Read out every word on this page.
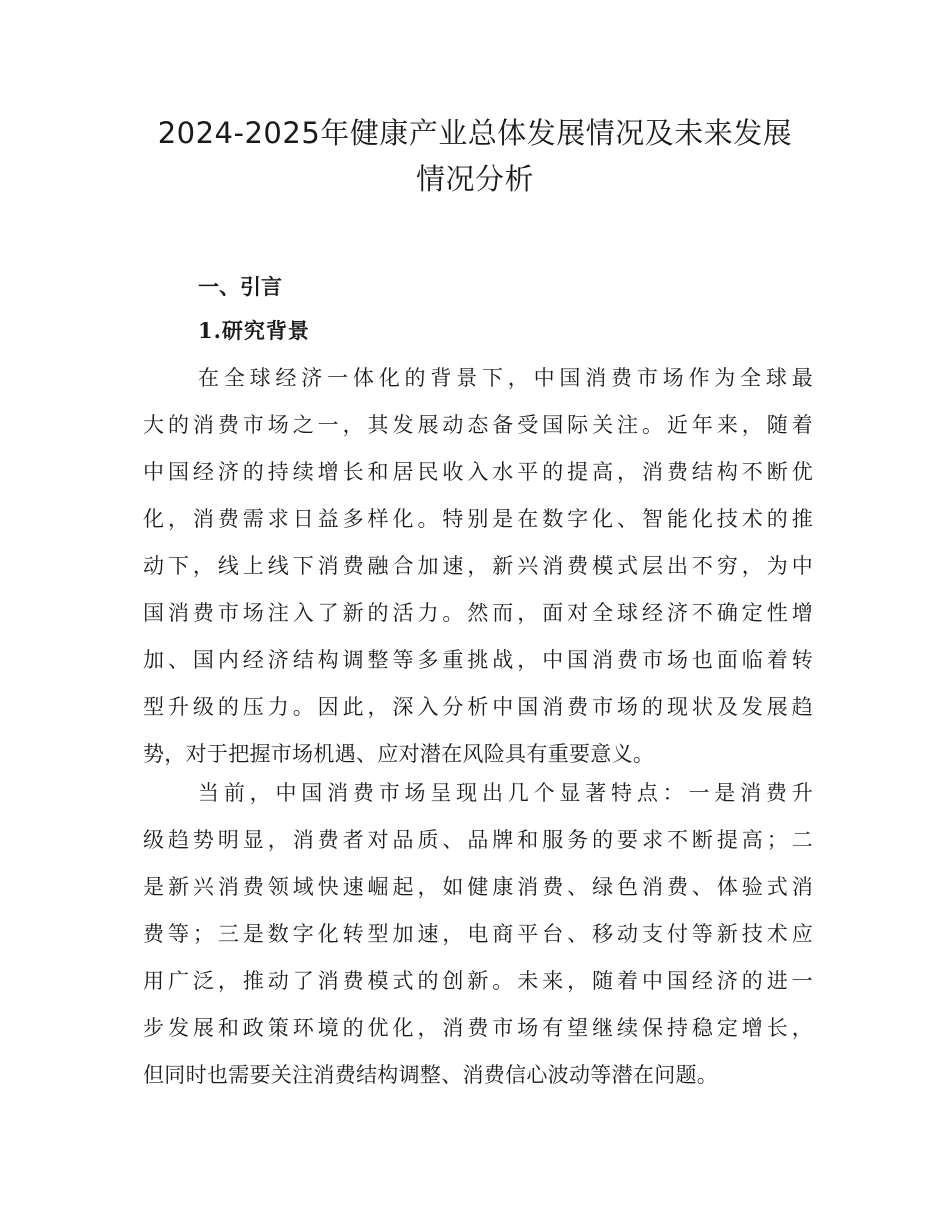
2024-2025年健康产业总体发展情况及未来发展
情况分析
一、引言
1.研究背景

在全球经济一体化的背景下，中国消费市场作为全球最
大的消费市场之一，其发展动态备受国际关注。近年来，随着
中国经济的持续增长和居民收入水平的提高，消费结构不断优
化，消费需求日益多样化。特别是在数字化、智能化技术的推
动下，线上线下消费融合加速，新兴消费模式层出不穷，为中
国消费市场注入了新的活力。然而，面对全球经济不确定性增
加、国内经济结构调整等多重挑战，中国消费市场也面临着转
型升级的压力。因此，深入分析中国消费市场的现状及发展趋
势，对于把握市场机遇、应对潜在风险具有重要意义。

当前，中国消费市场呈现出几个显著特点：一是消费升
级趋势明显，消费者对品质、品牌和服务的要求不断提高；二
是新兴消费领域快速崛起，如健康消费、绿色消费、体验式消
费等；三是数字化转型加速，电商平台、移动支付等新技术应
用广泛，推动了消费模式的创新。未来，随着中国经济的进一
步发展和政策环境的优化，消费市场有望继续保持稳定增长，
但同时也需要关注消费结构调整、消费信心波动等潜在问题。
